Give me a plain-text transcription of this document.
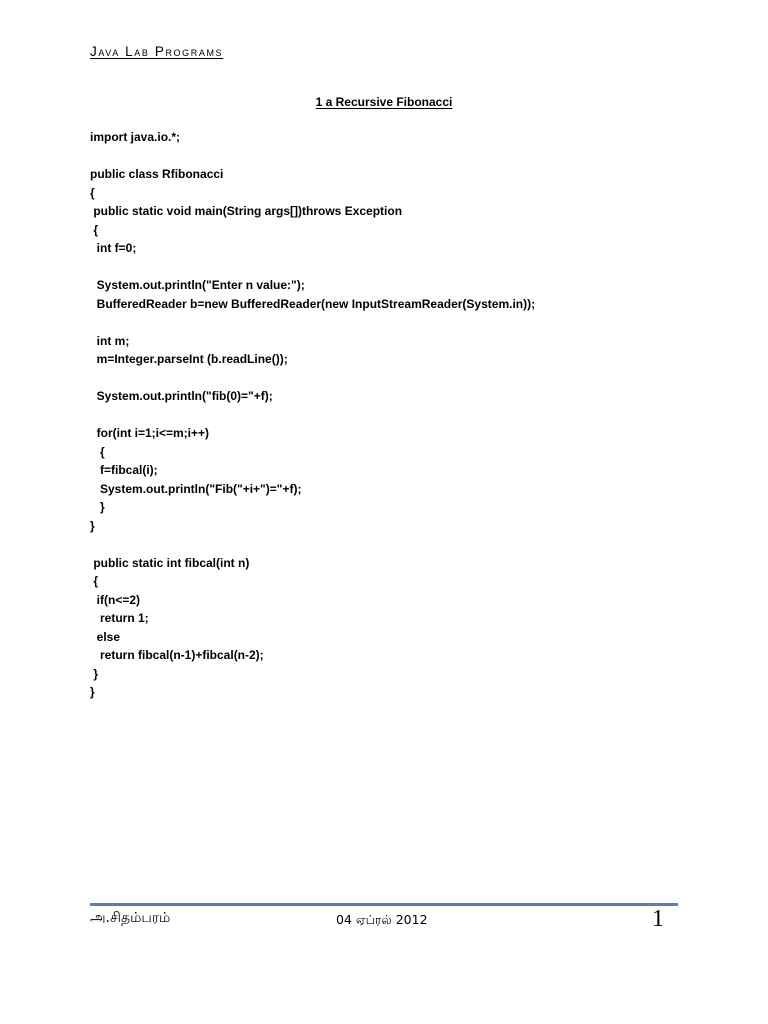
Java Lab Programs
1 a Recursive Fibonacci
import java.io.*;
public class Rfibonacci
{
public static void main(String args[])throws Exception
{
int f=0;
System.out.println("Enter n value:");
BufferedReader b=new BufferedReader(new InputStreamReader(System.in));
int m;
m=Integer.parseInt (b.readLine());
System.out.println("fib(0)="+f);
for(int i=1;i<=m;i++)
{
f=fibcal(i);
System.out.println("Fib("+i+")="+f);
}
}
public static int fibcal(int n)
{
if(n<=2)
return 1;
else
return fibcal(n-1)+fibcal(n-2);
}
}
அ.சிதம்பரம்	04 ஏப்ரல் 2012	1
